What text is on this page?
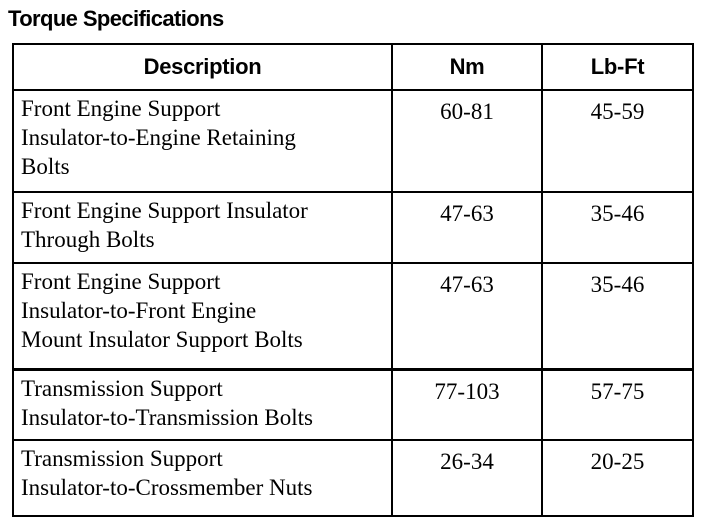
Torque Specifications
Description	Nm	Lb-Ft

Front Engine Support
Insulator-to-Engine Retaining
Bolts	60-81	45-59

Front Engine Support Insulator
Through Bolts	47-63	35-46

Front Engine Support
Insulator-to-Front Engine
Mount Insulator Support Bolts	47-63	35-46

Transmission Support
Insulator-to-Transmission Bolts	77-103	57-75

Transmission Support
Insulator-to-Crossmember Nuts	26-34	20-25
